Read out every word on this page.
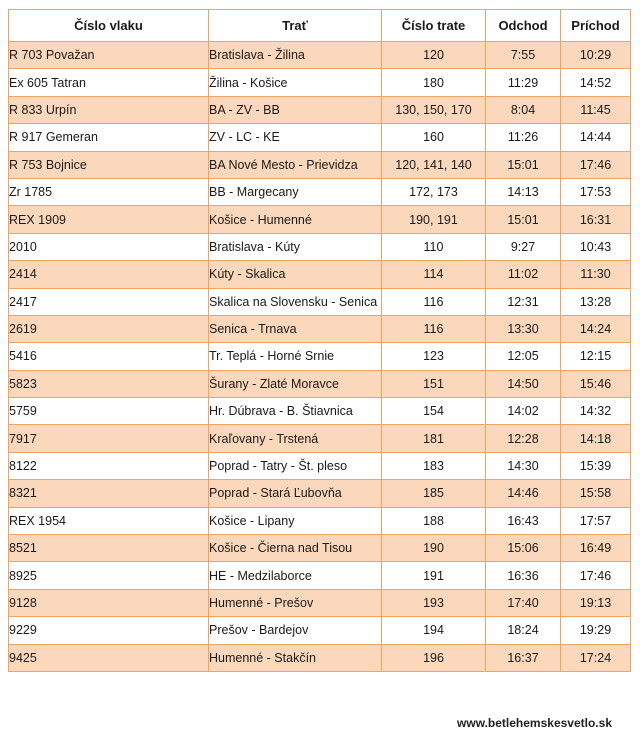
Číslo vlaku	Trať	Číslo trate	Odchod	Príchod
R 703 Považan	Bratislava - Žilina	120	7:55	10:29
Ex 605 Tatran	Žilina - Košice	180	11:29	14:52
R 833 Urpín	BA - ZV - BB	130, 150, 170	8:04	11:45
R 917 Gemeran	ZV - LC - KE	160	11:26	14:44
R 753 Bojnice	BA Nové Mesto - Prievidza	120, 141, 140	15:01	17:46
Zr 1785	BB - Margecany	172, 173	14:13	17:53
REX 1909	Košice - Humenné	190, 191	15:01	16:31
2010	Bratislava - Kúty	110	9:27	10:43
2414	Kúty - Skalica	114	11:02	11:30
2417	Skalica na Slovensku - Senica	116	12:31	13:28
2619	Senica - Trnava	116	13:30	14:24
5416	Tr. Teplá - Horné Srnie	123	12:05	12:15
5823	Šurany - Zlaté Moravce	151	14:50	15:46
5759	Hr. Dúbrava - B. Štiavnica	154	14:02	14:32
7917	Kraľovany - Trstená	181	12:28	14:18
8122	Poprad - Tatry - Št. pleso	183	14:30	15:39
8321	Poprad - Stará Ľubovňa	185	14:46	15:58
REX 1954	Košice - Lipany	188	16:43	17:57
8521	Košice - Čierna nad Tisou	190	15:06	16:49
8925	HE - Medzilaborce	191	16:36	17:46
9128	Humenné - Prešov	193	17:40	19:13
9229	Prešov - Bardejov	194	18:24	19:29
9425	Humenné - Stakčín	196	16:37	17:24
www.betlehemskesvetlo.sk
